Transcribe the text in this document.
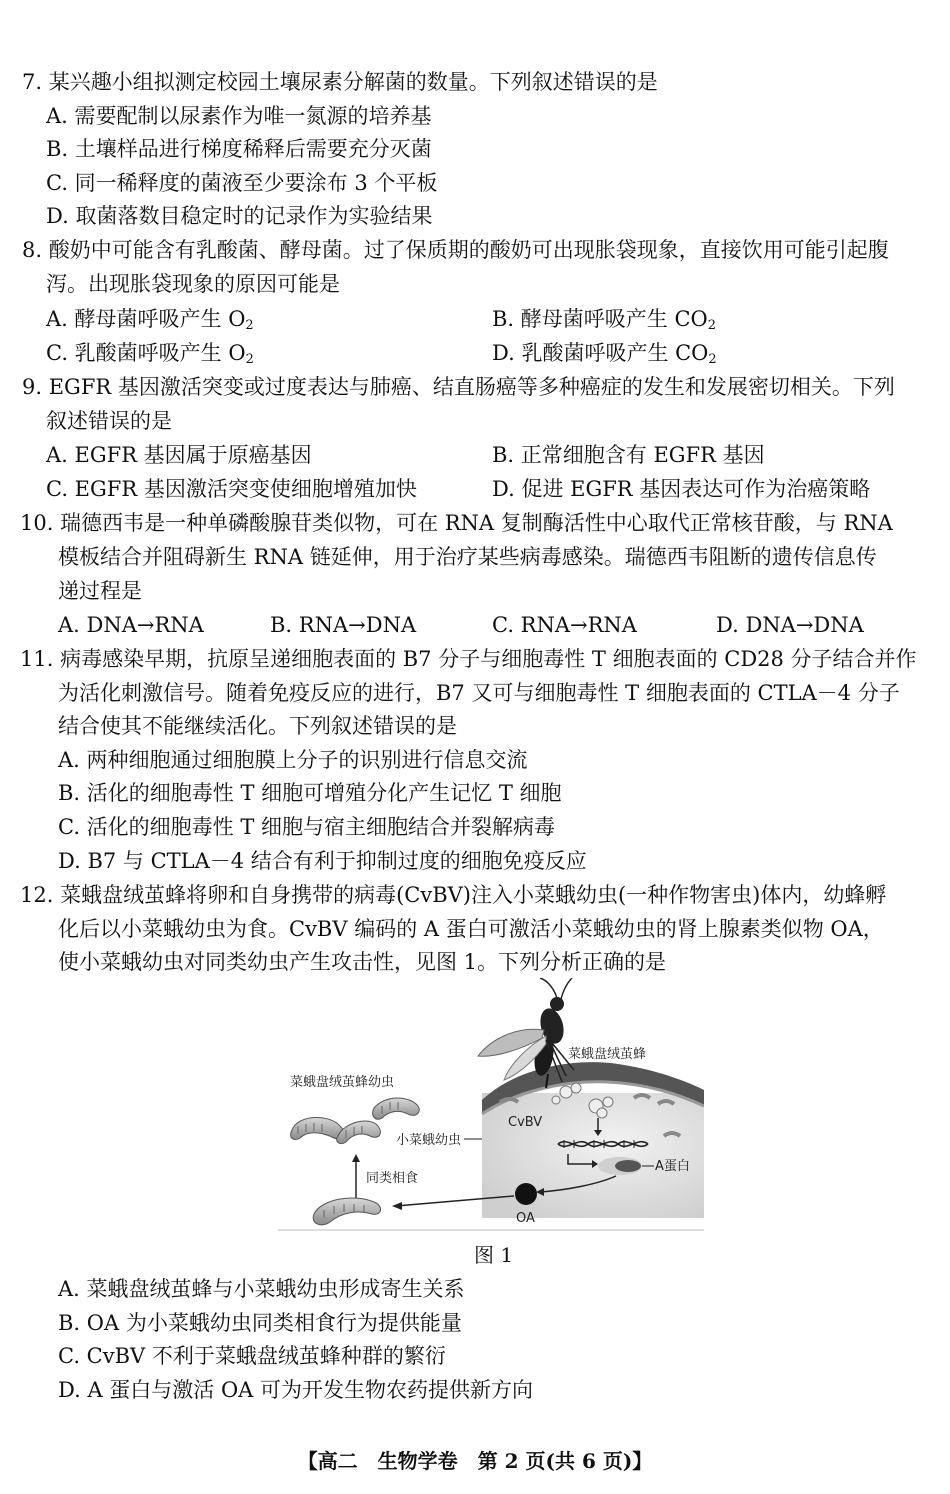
7. 某兴趣小组拟测定校园土壤尿素分解菌的数量。下列叙述错误的是
A. 需要配制以尿素作为唯一氮源的培养基
B. 土壤样品进行梯度稀释后需要充分灭菌
C. 同一稀释度的菌液至少要涂布 3 个平板
D. 取菌落数目稳定时的记录作为实验结果
8. 酸奶中可能含有乳酸菌、酵母菌。过了保质期的酸奶可出现胀袋现象，直接饮用可能引起腹
泻。出现胀袋现象的原因可能是
A. 酵母菌呼吸产生 $O_2$	B. 酵母菌呼吸产生 $CO_2$
C. 乳酸菌呼吸产生 $O_2$	D. 乳酸菌呼吸产生 $CO_2$
9. EGFR 基因激活突变或过度表达与肺癌、结直肠癌等多种癌症的发生和发展密切相关。下列
叙述错误的是
A. EGFR 基因属于原癌基因	B. 正常细胞含有 EGFR 基因
C. EGFR 基因激活突变使细胞增殖加快	D. 促进 EGFR 基因表达可作为治癌策略
10. 瑞德西韦是一种单磷酸腺苷类似物，可在 RNA 复制酶活性中心取代正常核苷酸，与 RNA
模板结合并阻碍新生 RNA 链延伸，用于治疗某些病毒感染。瑞德西韦阻断的遗传信息传
递过程是
A. DNA→RNA	B. RNA→DNA	C. RNA→RNA	D. DNA→DNA
11. 病毒感染早期，抗原呈递细胞表面的 B7 分子与细胞毒性 T 细胞表面的 CD28 分子结合并作
为活化刺激信号。随着免疫反应的进行，B7 又可与细胞毒性 T 细胞表面的 CTLA－4 分子
结合使其不能继续活化。下列叙述错误的是
A. 两种细胞通过细胞膜上分子的识别进行信息交流
B. 活化的细胞毒性 T 细胞可增殖分化产生记忆 T 细胞
C. 活化的细胞毒性 T 细胞与宿主细胞结合并裂解病毒
D. B7 与 CTLA－4 结合有利于抑制过度的细胞免疫反应
12. 菜蛾盘绒茧蜂将卵和自身携带的病毒(CvBV)注入小菜蛾幼虫(一种作物害虫)体内，幼蜂孵
化后以小菜蛾幼虫为食。CvBV 编码的 A 蛋白可激活小菜蛾幼虫的肾上腺素类似物 OA，
使小菜蛾幼虫对同类幼虫产生攻击性，见图 1。下列分析正确的是
菜蛾盘绒茧蜂
CvBV
A蛋白
OA
小菜蛾幼虫
菜蛾盘绒茧蜂幼虫
同类相食
图 1
A. 菜蛾盘绒茧蜂与小菜蛾幼虫形成寄生关系
B. OA 为小菜蛾幼虫同类相食行为提供能量
C. CvBV 不利于菜蛾盘绒茧蜂种群的繁衍
D. A 蛋白与激活 OA 可为开发生物农药提供新方向
【高二　生物学卷　第 2 页(共 6 页)】
